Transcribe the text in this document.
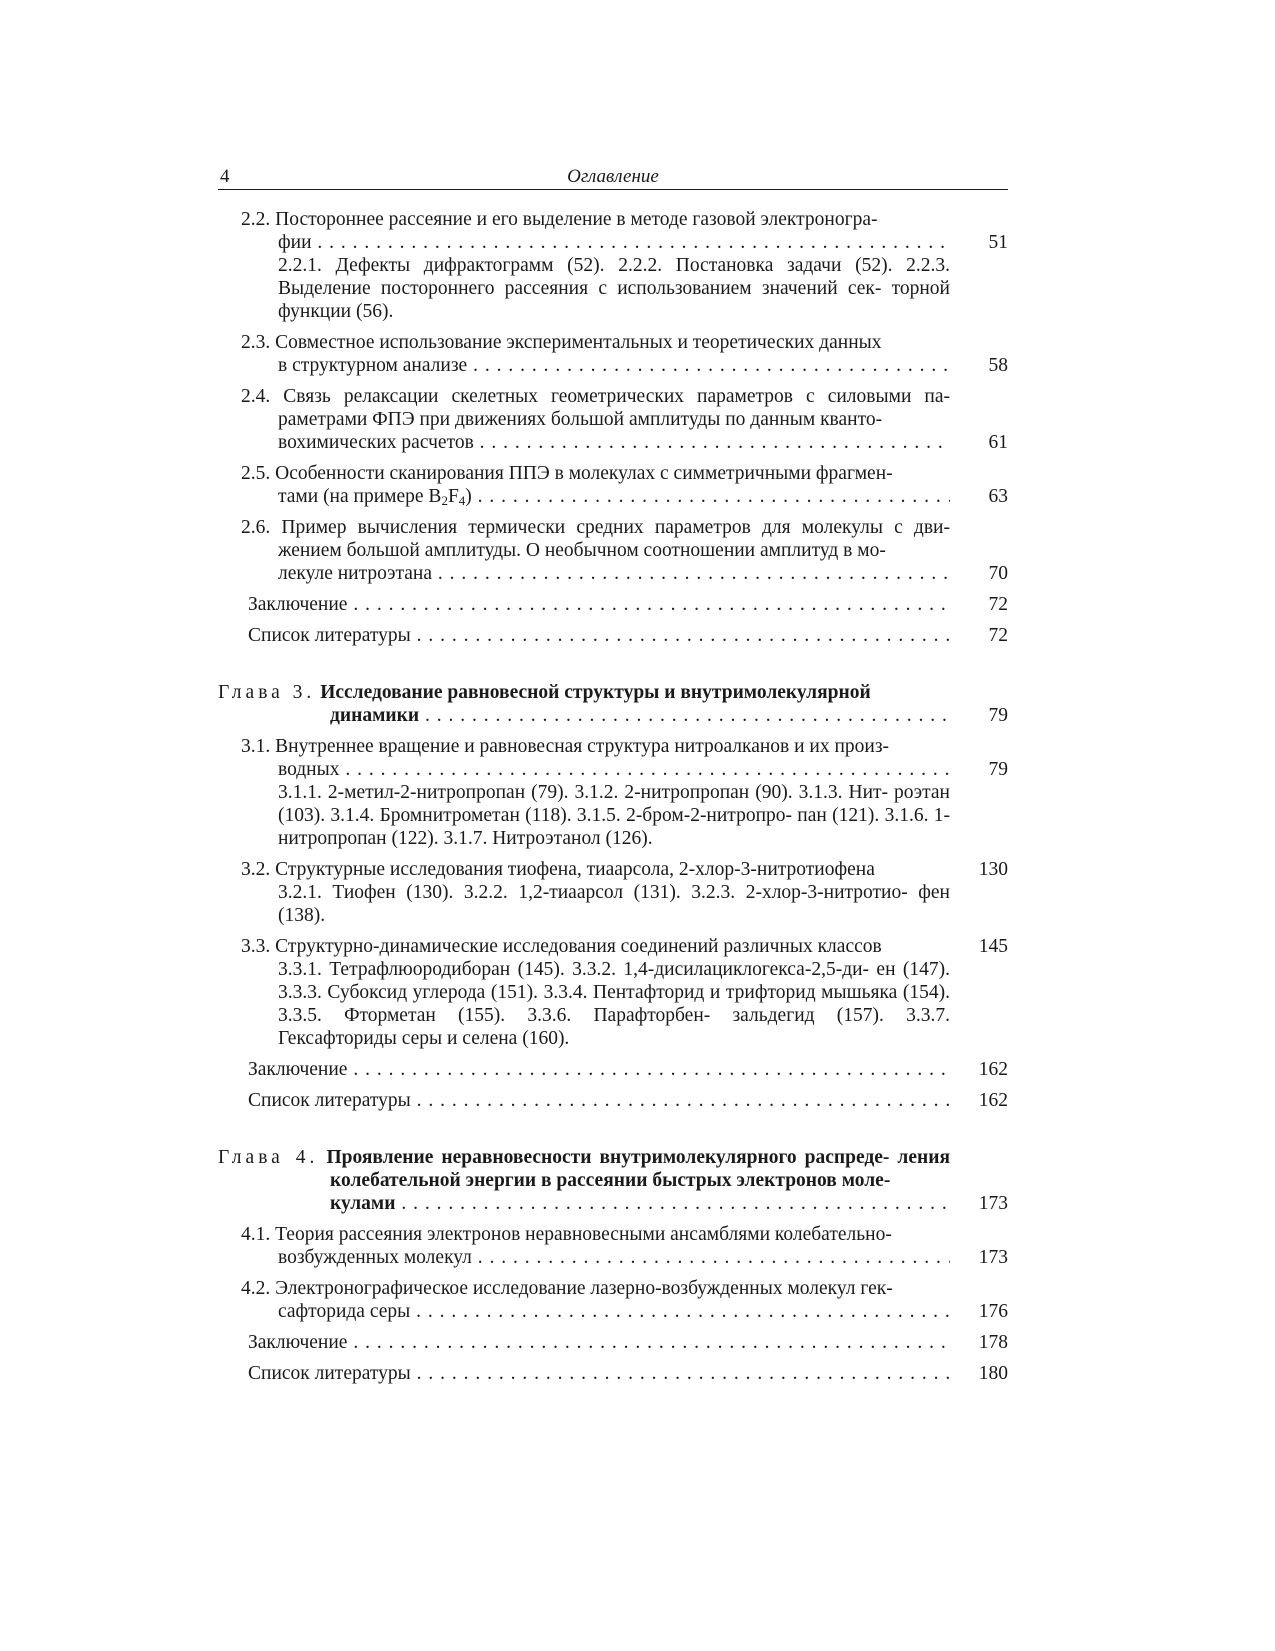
4	Оглавление
2.2. Постороннее рассеяние и его выделение в методе газовой электроногра-
фии . . .	51
2.2.1. Дефекты дифрактограмм (52). 2.2.2. Постановка задачи (52). 2.2.3. Выделение постороннего рассеяния с использованием значений сек- торной функции (56).
2.3. Совместное использование экспериментальных и теоретических данных
в структурном анализе . . .	58
2.4. Связь релаксации скелетных геометрических параметров с силовыми па- раметрами ФПЭ при движениях большой амплитуды по данным кванто-
вохимических расчетов . . .	61
2.5. Особенности сканирования ППЭ в молекулах с симметричными фрагмен-
тами (на примере $B_2F_4$) . . .	63
2.6. Пример вычисления термически средних параметров для молекулы с дви- жением большой амплитуды. О необычном соотношении амплитуд в мо-
лекуле нитроэтана . . .	70
Заключение . . .	72
Список литературы . . .	72
Глава 3. Исследование равновесной структуры и внутримолекулярной
динамики . . .	79
3.1. Внутреннее вращение и равновесная структура нитроалканов и их произ-
водных . . .	79
3.1.1. 2-метил-2-нитропропан (79). 3.1.2. 2-нитропропан (90). 3.1.3. Нит- роэтан (103). 3.1.4. Бромнитрометан (118). 3.1.5. 2-бром-2-нитропро- пан (121). 3.1.6. 1-нитропропан (122). 3.1.7. Нитроэтанол (126).
3.2. Структурные исследования тиофена, тиаарсола, 2-хлор-3-нитротиофена	130
3.2.1. Тиофен (130). 3.2.2. 1,2-тиаарсол (131). 3.2.3. 2-хлор-3-нитротио- фен (138).
3.3. Структурно-динамические исследования соединений различных классов	145
3.3.1. Тетрафлюородиборан (145). 3.3.2. 1,4-дисилациклогекса-2,5-ди- ен (147). 3.3.3. Субоксид углерода (151). 3.3.4. Пентафторид и трифторид мышьяка (154). 3.3.5. Фторметан (155). 3.3.6. Парафторбен- зальдегид (157). 3.3.7. Гексафториды серы и селена (160).
Заключение . . .	162
Список литературы . . .	162
Глава 4. Проявление неравновесности внутримолекулярного распреде- ления колебательной энергии в рассеянии быстрых электронов моле-
кулами . . .	173
4.1. Теория рассеяния электронов неравновесными ансамблями колебательно-
возбужденных молекул . . .	173
4.2. Электронографическое исследование лазерно-возбужденных молекул гек-
сафторида серы . . .	176
Заключение . . .	178
Список литературы . . .	180
